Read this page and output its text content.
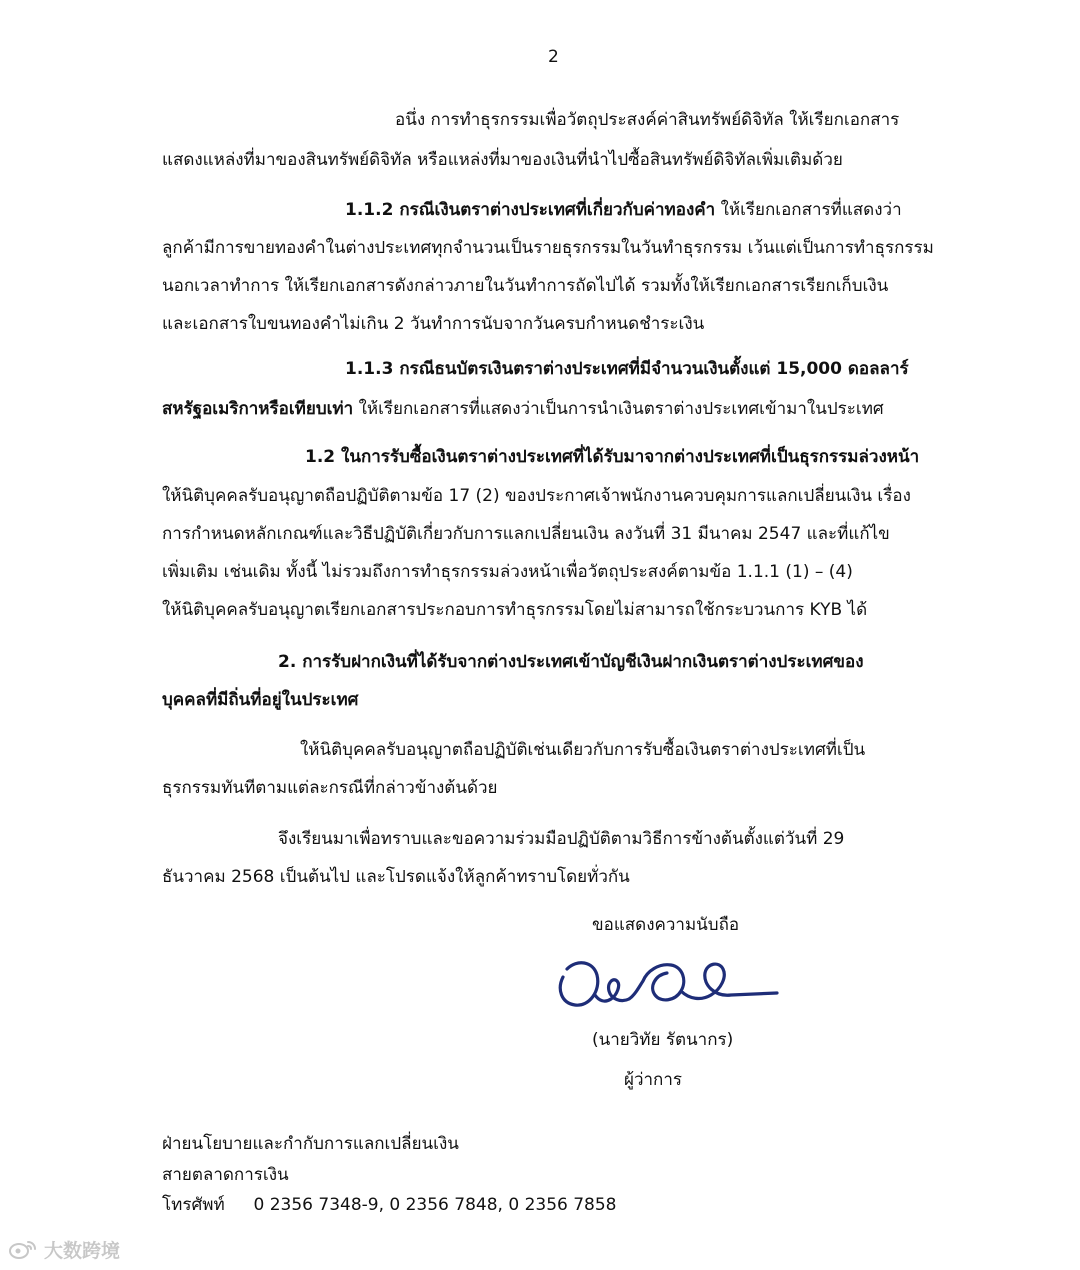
2
อนึ่ง การทำธุรกรรมเพื่อวัตถุประสงค์ค่าสินทรัพย์ดิจิทัล ให้เรียกเอกสาร
แสดงแหล่งที่มาของสินทรัพย์ดิจิทัล หรือแหล่งที่มาของเงินที่นำไปซื้อสินทรัพย์ดิจิทัลเพิ่มเติมด้วย
1.1.2 กรณีเงินตราต่างประเทศที่เกี่ยวกับค่าทองคำ ให้เรียกเอกสารที่แสดงว่า
ลูกค้ามีการขายทองคำในต่างประเทศทุกจำนวนเป็นรายธุรกรรมในวันทำธุรกรรม เว้นแต่เป็นการทำธุรกรรม
นอกเวลาทำการ ให้เรียกเอกสารดังกล่าวภายในวันทำการถัดไปได้ รวมทั้งให้เรียกเอกสารเรียกเก็บเงิน
และเอกสารใบขนทองคำไม่เกิน 2 วันทำการนับจากวันครบกำหนดชำระเงิน
1.1.3 กรณีธนบัตรเงินตราต่างประเทศที่มีจำนวนเงินตั้งแต่ 15,000 ดอลลาร์
สหรัฐอเมริกาหรือเทียบเท่า ให้เรียกเอกสารที่แสดงว่าเป็นการนำเงินตราต่างประเทศเข้ามาในประเทศ
1.2 ในการรับซื้อเงินตราต่างประเทศที่ได้รับมาจากต่างประเทศที่เป็นธุรกรรมล่วงหน้า
ให้นิติบุคคลรับอนุญาตถือปฏิบัติตามข้อ 17 (2) ของประกาศเจ้าพนักงานควบคุมการแลกเปลี่ยนเงิน เรื่อง
การกำหนดหลักเกณฑ์และวิธีปฏิบัติเกี่ยวกับการแลกเปลี่ยนเงิน ลงวันที่ 31 มีนาคม 2547 และที่แก้ไข
เพิ่มเติม เช่นเดิม ทั้งนี้ ไม่รวมถึงการทำธุรกรรมล่วงหน้าเพื่อวัตถุประสงค์ตามข้อ 1.1.1 (1) – (4)
ให้นิติบุคคลรับอนุญาตเรียกเอกสารประกอบการทำธุรกรรมโดยไม่สามารถใช้กระบวนการ KYB ได้
2. การรับฝากเงินที่ได้รับจากต่างประเทศเข้าบัญชีเงินฝากเงินตราต่างประเทศของ
บุคคลที่มีถิ่นที่อยู่ในประเทศ
ให้นิติบุคคลรับอนุญาตถือปฏิบัติเช่นเดียวกับการรับซื้อเงินตราต่างประเทศที่เป็น
ธุรกรรมทันทีตามแต่ละกรณีที่กล่าวข้างต้นด้วย
จึงเรียนมาเพื่อทราบและขอความร่วมมือปฏิบัติตามวิธีการข้างต้นตั้งแต่วันที่ 29
ธันวาคม 2568 เป็นต้นไป และโปรดแจ้งให้ลูกค้าทราบโดยทั่วกัน
ขอแสดงความนับถือ
(นายวิทัย รัตนากร)
ผู้ว่าการ
ฝ่ายนโยบายและกำกับการแลกเปลี่ยนเงิน
สายตลาดการเงิน
โทรศัพท์ 0 2356 7348-9, 0 2356 7848, 0 2356 7858
大数跨境
